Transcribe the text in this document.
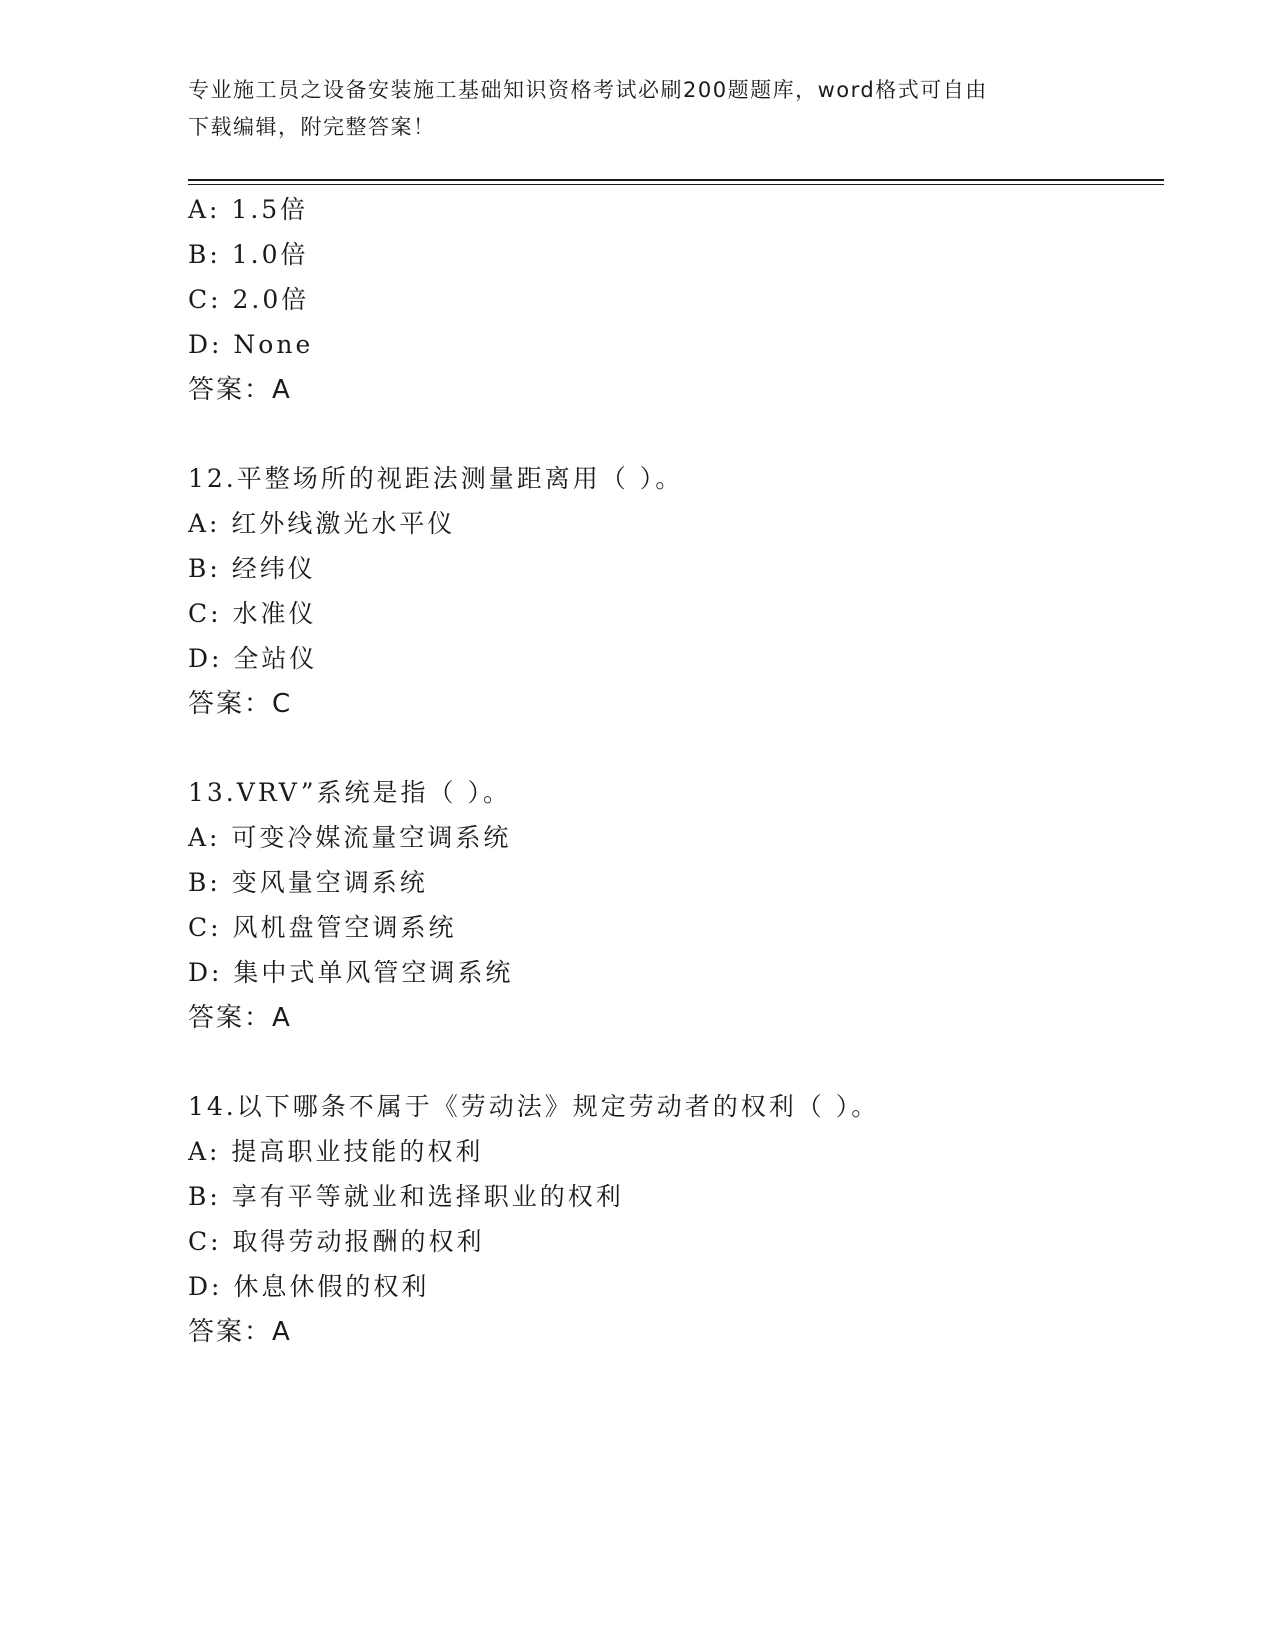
专业施工员之设备安装施工基础知识资格考试必刷200题题库，word格式可自由
下载编辑，附完整答案！
A: 1.5倍
B: 1.0倍
C: 2.0倍
D: None
答案：A
12.平整场所的视距法测量距离用（ ）。
A: 红外线激光水平仪
B: 经纬仪
C: 水准仪
D: 全站仪
答案：C
13.VRV”系统是指（ ）。
A: 可变冷媒流量空调系统
B: 变风量空调系统
C: 风机盘管空调系统
D: 集中式单风管空调系统
答案：A
14.以下哪条不属于《劳动法》规定劳动者的权利（ ）。
A: 提高职业技能的权利
B: 享有平等就业和选择职业的权利
C: 取得劳动报酬的权利
D: 休息休假的权利
答案：A
